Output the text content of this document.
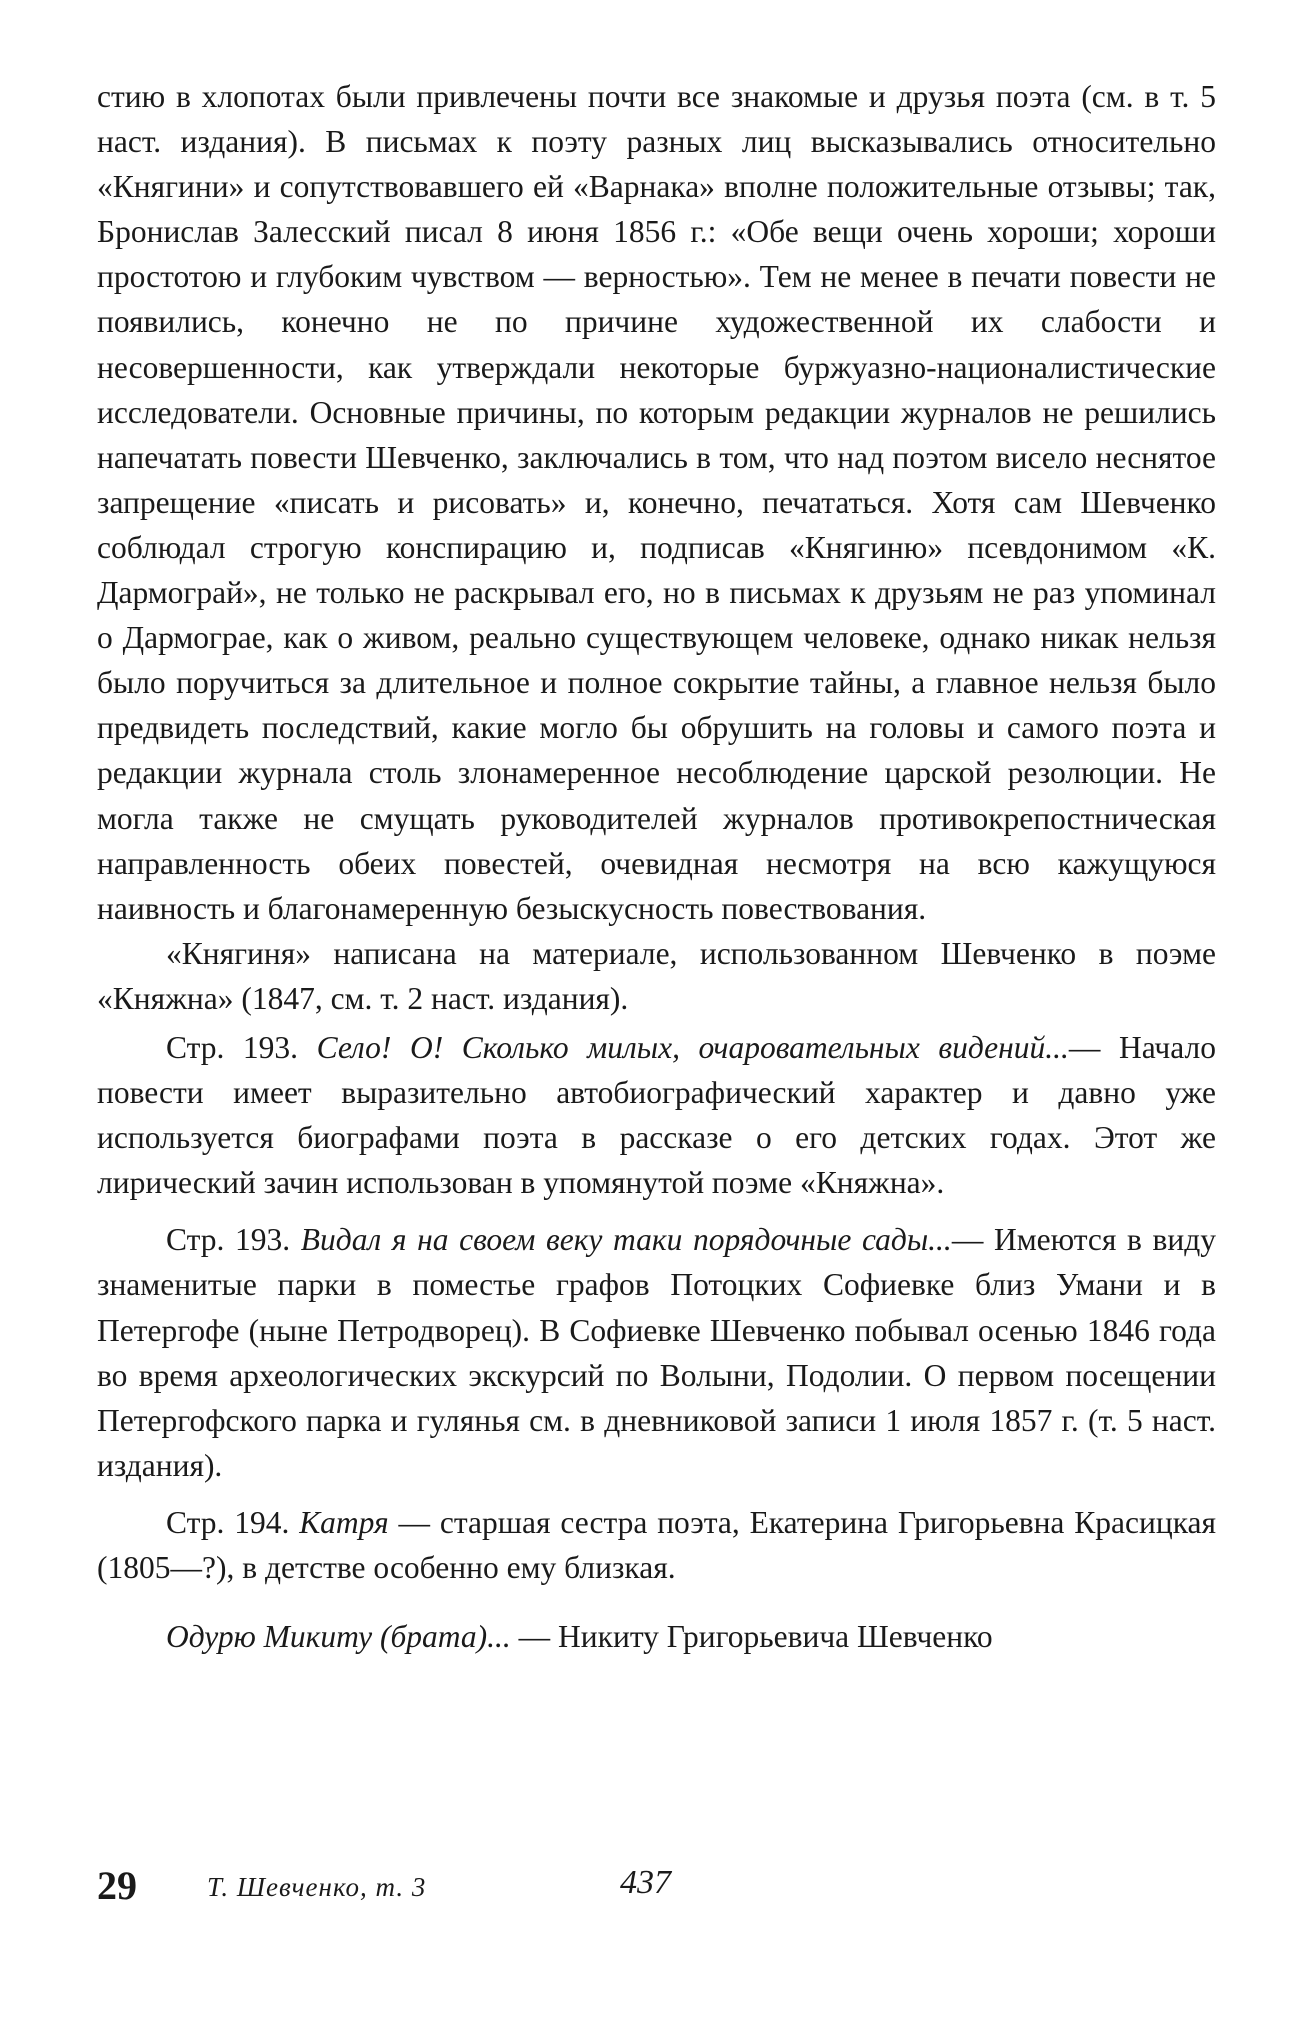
стию в хлопотах были привлечены почти все знакомые и друзья поэта (см. в т. 5 наст. издания). В письмах к поэту разных лиц высказывались относительно «Княгини» и сопутствовавшего ей «Варнака» вполне положительные отзывы; так, Бронислав Залесский писал 8 июня 1856 г.: «Обе вещи очень хороши; хороши простотою и глубоким чувством — верностью». Тем не менее в печати повести не появились, конечно не по причине художественной их слабости и несовершенности, как утверждали некоторые буржуазно-националистические исследователи. Основные причины, по которым редакции журналов не решились напечатать повести Шевченко, заключались в том, что над поэтом висело неснятое запрещение «писать и рисовать» и, конечно, печататься. Хотя сам Шевченко соблюдал строгую конспирацию и, подписав «Княгиню» псевдонимом «К. Дармограй», не только не раскрывал его, но в письмах к друзьям не раз упоминал о Дармограе, как о живом, реально существующем человеке, однако никак нельзя было поручиться за длительное и полное сокрытие тайны, а главное нельзя было предвидеть последствий, какие могло бы обрушить на головы и самого поэта и редакции журнала столь злонамеренное несоблюдение царской резолюции. Не могла также не смущать руководителей журналов противокрепостническая направленность обеих повестей, очевидная несмотря на всю кажущуюся наивность и благонамеренную безыскусность повествования.

«Княгиня» написана на материале, использованном Шевченко в поэме «Княжна» (1847, см. т. 2 наст. издания).

Стр. 193. Село! О! Сколько милых, очаровательных видений...— Начало повести имеет выразительно автобиографический характер и давно уже используется биографами поэта в рассказе о его детских годах. Этот же лирический зачин использован в упомянутой поэме «Княжна».

Стр. 193. Видал я на своем веку таки порядочные сады...— Имеются в виду знаменитые парки в поместье графов Потоцких Софиевке близ Умани и в Петергофе (ныне Петродворец). В Софиевке Шевченко побывал осенью 1846 года во время археологических экскурсий по Волыни, Подолии. О первом посещении Петергофского парка и гулянья см. в дневниковой записи 1 июля 1857 г. (т. 5 наст. издания).

Стр. 194. Катря — старшая сестра поэта, Екатерина Григорьевна Красицкая (1805—?), в детстве особенно ему близкая.

Одурю Микиту (брата)... — Никиту Григорьевича Шевченко

29	Т. Шевченко, т. 3	437
